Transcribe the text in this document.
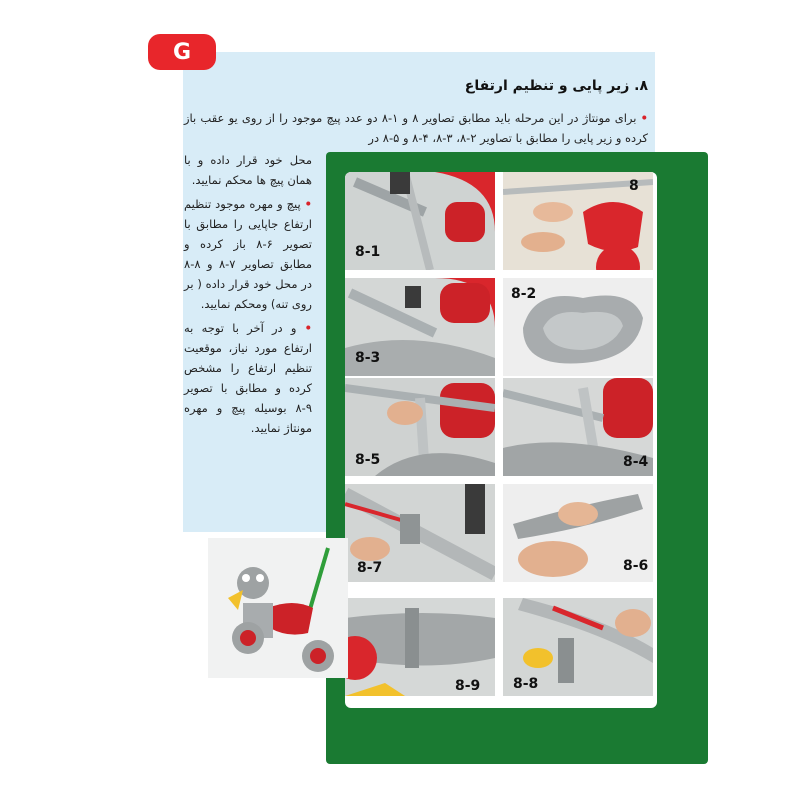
G
۸. زیر پایی و تنظیم ارتفاع
• برای مونتاژ در این مرحله باید مطابق تصاویر ۸ و ۱-۸ دو عدد پیچ موجود را از روی یو عقب باز کرده و زیر پایی را مطابق با تصاویر ۲-۸، ۳-۸، ۴-۸ و ۵-۸ در

محل خود قرار داده و با همان پیچ ها محکم نمایید.

• پیچ و مهره موجود تنظیم ارتفاع جاپایی را مطابق با تصویر ۶-۸ باز کرده و مطابق تصاویر ۷-۸ و ۸-۸ در محل خود قرار داده ( بر روی تنه) ومحکم نمایید.

• و در آخر با توجه به ارتفاع مورد نیاز، موقعیت تنظیم ارتفاع را مشخص کرده و مطابق با تصویر ۹-۸ بوسیله پیچ و مهره مونتاژ نمایید.

8-1
8
8-3
8-2
8-5	8-4
8-7	8-6
8-9 8-8
